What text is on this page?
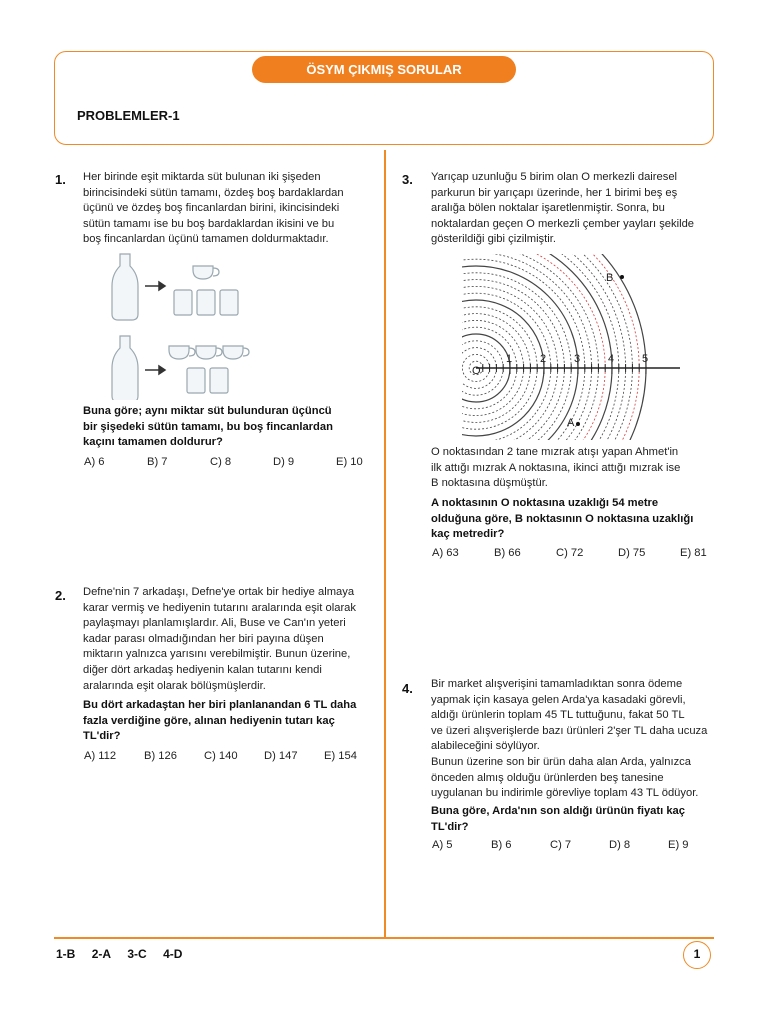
ÖSYM ÇIKMIŞ SORULAR
PROBLEMLER-1
1. Her birinde eşit miktarda süt bulunan iki şişeden
birincisindeki sütün tamamı, özdeş boş bardaklardan
üçünü ve özdeş boş fincanlardan birini, ikincisindeki
sütün tamamı ise bu boş bardaklardan ikisini ve bu
boş fincanlardan üçünü tamamen doldurmaktadır.
Buna göre; aynı miktar süt bulunduran üçüncü
bir şişedeki sütün tamamı, bu boş fincanlardan
kaçını tamamen doldurur?
A) 6	B) 7	C) 8	D) 9	E) 10
2. Defne'nin 7 arkadaşı, Defne'ye ortak bir hediye almaya
karar vermiş ve hediyenin tutarını aralarında eşit olarak
paylaşmayı planlamışlardır. Ali, Buse ve Can'ın yeteri
kadar parası olmadığından her biri payına düşen
miktarın yalnızca yarısını verebilmiştir. Bunun üzerine,
diğer dört arkadaş hediyenin kalan tutarını kendi
aralarında eşit olarak bölüşmüşlerdir.
Bu dört arkadaştan her biri planlanandan 6 TL daha
fazla verdiğine göre, alınan hediyenin tutarı kaç
TL'dir?
A) 112 B) 126 C) 140 D) 147 E) 154
3. Yarıçap uzunluğu 5 birim olan O merkezli dairesel
parkurun bir yarıçapı üzerinde, her 1 birimi beş eş
aralığa bölen noktalar işaretlenmiştir. Sonra, bu
noktalardan geçen O merkezli çember yayları şekilde
gösterildiği gibi çizilmiştir.
O
1	2	3	4	5
B
A
O noktasından 2 tane mızrak atışı yapan Ahmet'in
ilk attığı mızrak A noktasına, ikinci attığı mızrak ise
B noktasına düşmüştür.
A noktasının O noktasına uzaklığı 54 metre
olduğuna göre, B noktasının O noktasına uzaklığı
kaç metredir?
A) 63	B) 66	C) 72	D) 75	E) 81
4. Bir market alışverişini tamamladıktan sonra ödeme
yapmak için kasaya gelen Arda'ya kasadaki görevli,
aldığı ürünlerin toplam 45 TL tuttuğunu, fakat 50 TL
ve üzeri alışverişlerde bazı ürünleri 2'şer TL daha ucuza
alabileceğini söylüyor.
Bunun üzerine son bir ürün daha alan Arda, yalnızca
önceden almış olduğu ürünlerden beş tanesine
uygulanan bu indirimle görevliye toplam 43 TL ödüyor.
Buna göre, Arda'nın son aldığı ürünün fiyatı kaç
TL'dir?
A) 5	B) 6	C) 7	D) 8	E) 9
1-B 2-A 3-C 4-D	1
